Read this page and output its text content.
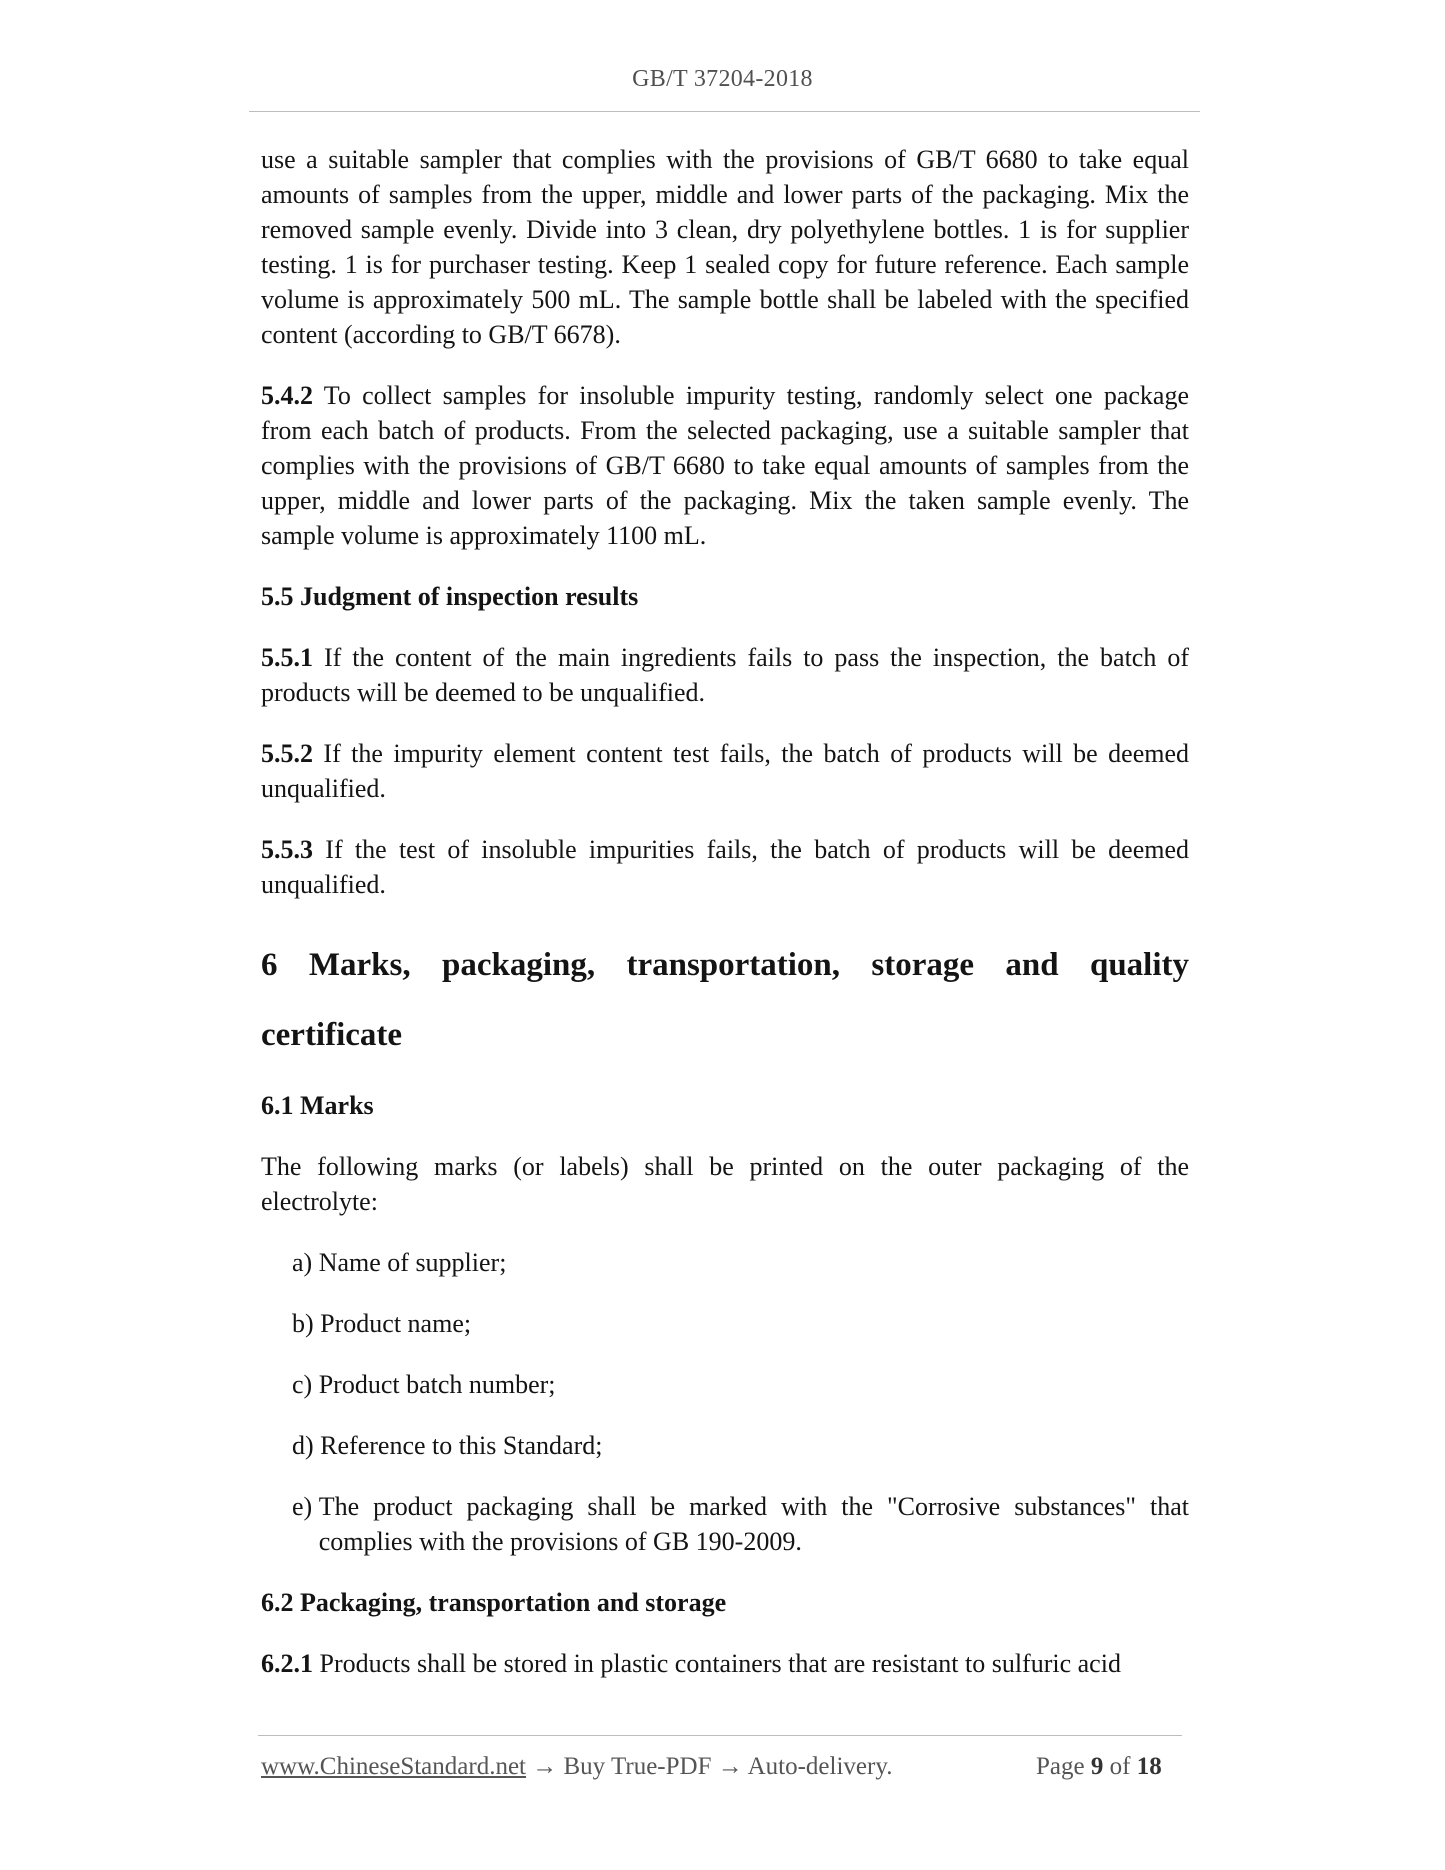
GB/T 37204-2018

use a suitable sampler that complies with the provisions of GB/T 6680 to take equal amounts of samples from the upper, middle and lower parts of the packaging. Mix the removed sample evenly. Divide into 3 clean, dry polyethylene bottles. 1 is for supplier testing. 1 is for purchaser testing. Keep 1 sealed copy for future reference. Each sample volume is approximately 500 mL. The sample bottle shall be labeled with the specified content (according to GB/T 6678).

5.4.2 To collect samples for insoluble impurity testing, randomly select one package from each batch of products. From the selected packaging, use a suitable sampler that complies with the provisions of GB/T 6680 to take equal amounts of samples from the upper, middle and lower parts of the packaging. Mix the taken sample evenly. The sample volume is approximately 1100 mL.

5.5 Judgment of inspection results

5.5.1 If the content of the main ingredients fails to pass the inspection, the batch of products will be deemed to be unqualified.

5.5.2 If the impurity element content test fails, the batch of products will be deemed unqualified.

5.5.3 If the test of insoluble impurities fails, the batch of products will be deemed unqualified.

6 Marks, packaging, transportation, storage and quality certificate
6.1 Marks

The following marks (or labels) shall be printed on the outer packaging of the electrolyte:

a) Name of supplier;
b) Product name;
c) Product batch number;
d) Reference to this Standard;
e) The product packaging shall be marked with the "Corrosive substances" that complies with the provisions of GB 190-2009.
6.2 Packaging, transportation and storage

6.2.1 Products shall be stored in plastic containers that are resistant to sulfuric acid

www.ChineseStandard.net → Buy True-PDF → Auto-delivery.	Page 9 of 18
